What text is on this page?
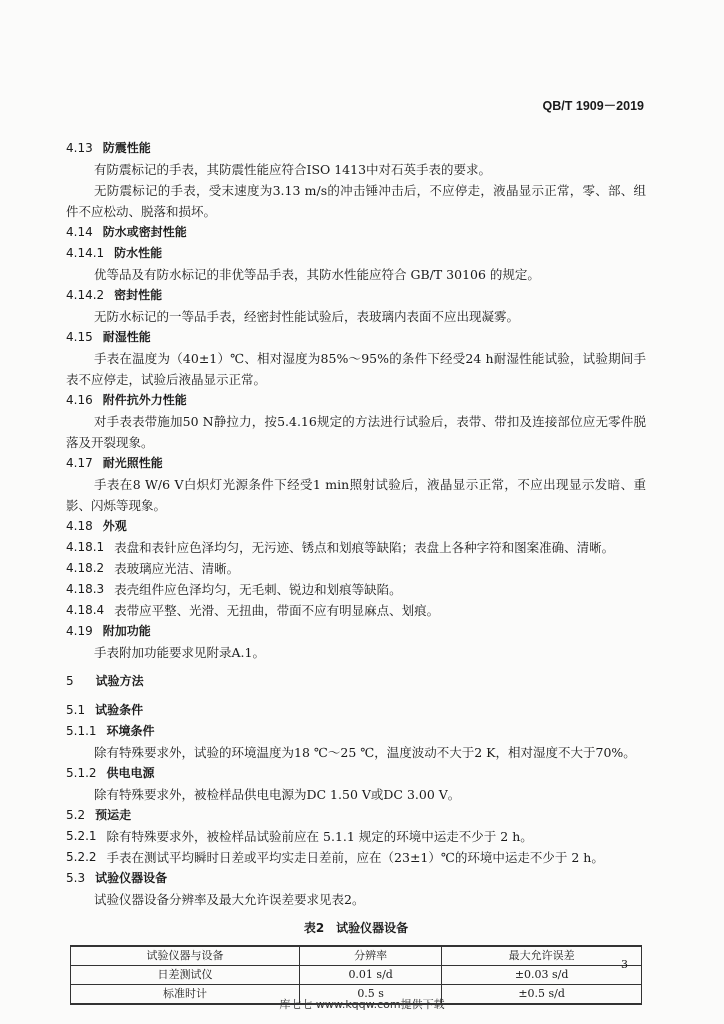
QB/T 1909－2019
4.13 防震性能
有防震标记的手表，其防震性能应符合ISO 1413中对石英手表的要求。
无防震标记的手表，受末速度为3.13 m/s的冲击锤冲击后，不应停走，液晶显示正常，零、部、组件不应松动、脱落和损坏。
4.14 防水或密封性能
4.14.1 防水性能
优等品及有防水标记的非优等品手表，其防水性能应符合 GB/T 30106 的规定。
4.14.2 密封性能
无防水标记的一等品手表，经密封性能试验后，表玻璃内表面不应出现凝雾。
4.15 耐湿性能
手表在温度为（40±1）℃、相对湿度为85%～95%的条件下经受24 h耐湿性能试验，试验期间手表不应停走，试验后液晶显示正常。
4.16 附件抗外力性能
对手表表带施加50 N静拉力，按5.4.16规定的方法进行试验后，表带、带扣及连接部位应无零件脱落及开裂现象。
4.17 耐光照性能
手表在8 W/6 V白炽灯光源条件下经受1 min照射试验后，液晶显示正常，不应出现显示发暗、重影、闪烁等现象。
4.18 外观
4.18.1 表盘和表针应色泽均匀，无污迹、锈点和划痕等缺陷；表盘上各种字符和图案准确、清晰。
4.18.2 表玻璃应光洁、清晰。
4.18.3 表壳组件应色泽均匀，无毛刺、锐边和划痕等缺陷。
4.18.4 表带应平整、光滑、无扭曲，带面不应有明显麻点、划痕。
4.19 附加功能
手表附加功能要求见附录A.1。
5 试验方法
5.1 试验条件
5.1.1 环境条件
除有特殊要求外，试验的环境温度为18 ℃～25 ℃，温度波动不大于2 K，相对湿度不大于70%。
5.1.2 供电电源
除有特殊要求外，被检样品供电电源为DC 1.50 V或DC 3.00 V。
5.2 预运走
5.2.1 除有特殊要求外，被检样品试验前应在 5.1.1 规定的环境中运走不少于 2 h。
5.2.2 手表在测试平均瞬时日差或平均实走日差前，应在（23±1）℃的环境中运走不少于 2 h。
5.3 试验仪器设备
试验仪器设备分辨率及最大允许误差要求见表2。
表2　试验仪器设备
试验仪器与设备	分辨率	最大允许误差
日差测试仪	0.01 s/d	±0.03 s/d
标准时计	0.5 s	±0.5 s/d
3
库七七 www.kqqw.com提供下载
